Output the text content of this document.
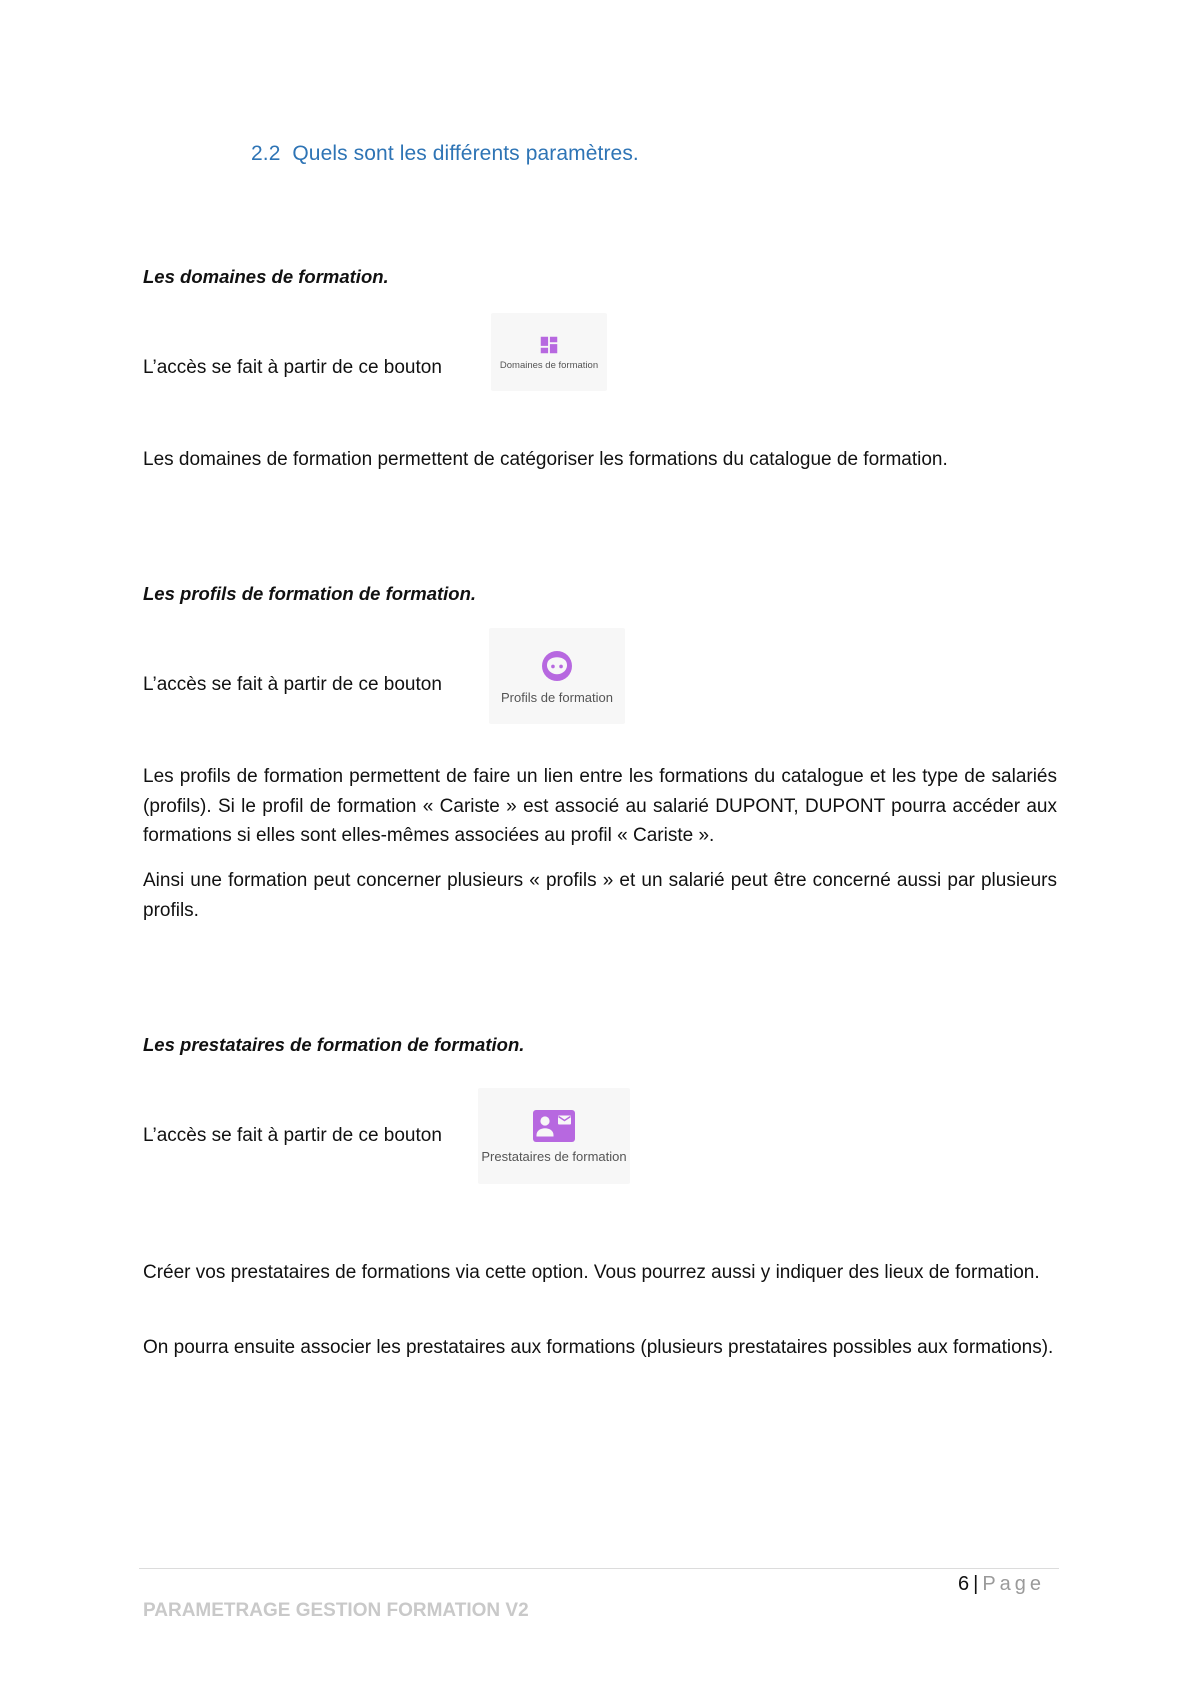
2.2 Quels sont les différents paramètres.
Les domaines de formation.
L’accès se fait à partir de ce bouton	Domaines de formation

Les domaines de formation permettent de catégoriser les formations du catalogue de formation.

Les profils de formation de formation.
L’accès se fait à partir de ce bouton
Profils de formation

Les profils de formation permettent de faire un lien entre les formations du catalogue et les type de salariés (profils). Si le profil de formation « Cariste » est associé au salarié DUPONT, DUPONT pourra accéder aux formations si elles sont elles-mêmes associées au profil « Cariste ».

Ainsi une formation peut concerner plusieurs « profils » et un salarié peut être concerné aussi par plusieurs profils.

Les prestataires de formation de formation.
L’accès se fait à partir de ce bouton
Prestataires de formation

Créer vos prestataires de formations via cette option. Vous pourrez aussi y indiquer des lieux de formation.

On pourra ensuite associer les prestataires aux formations (plusieurs prestataires possibles aux formations).

6 | Page
PARAMETRAGE GESTION FORMATION V2
